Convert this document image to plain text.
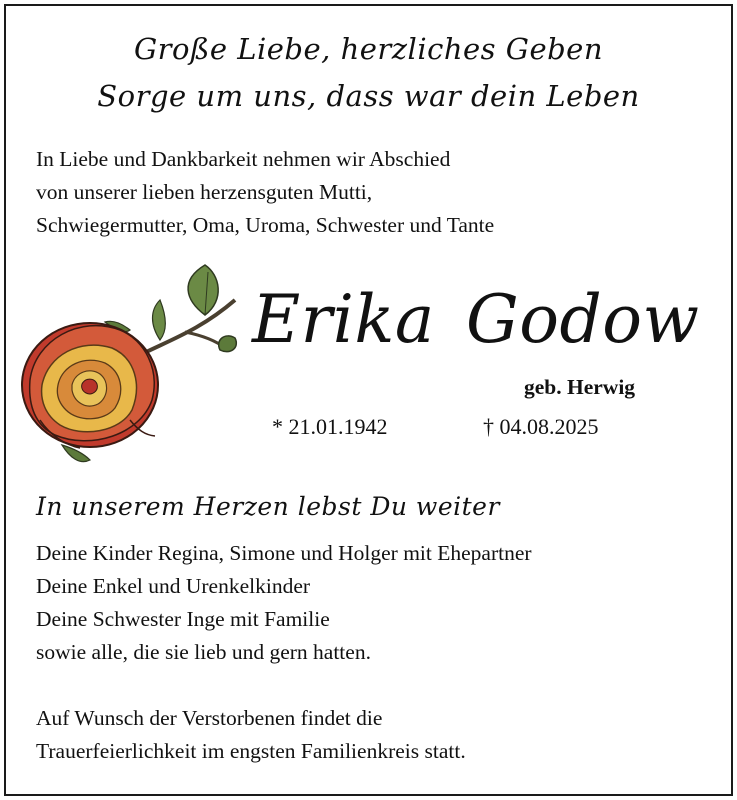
Große Liebe, herzliches Geben
Sorge um uns, dass war dein Leben
In Liebe und Dankbarkeit nehmen wir Abschied
von unserer lieben herzensguten Mutti,
Schwiegermutter, Oma, Uroma, Schwester und Tante
Erika Godow
geb. Herwig
* 21.01.1942	† 04.08.2025
In unserem Herzen lebst Du weiter
Deine Kinder Regina, Simone und Holger mit Ehepartner
Deine Enkel und Urenkelkinder
Deine Schwester Inge mit Familie
sowie alle, die sie lieb und gern hatten.
Auf Wunsch der Verstorbenen findet die
Trauerfeierlichkeit im engsten Familienkreis statt.
